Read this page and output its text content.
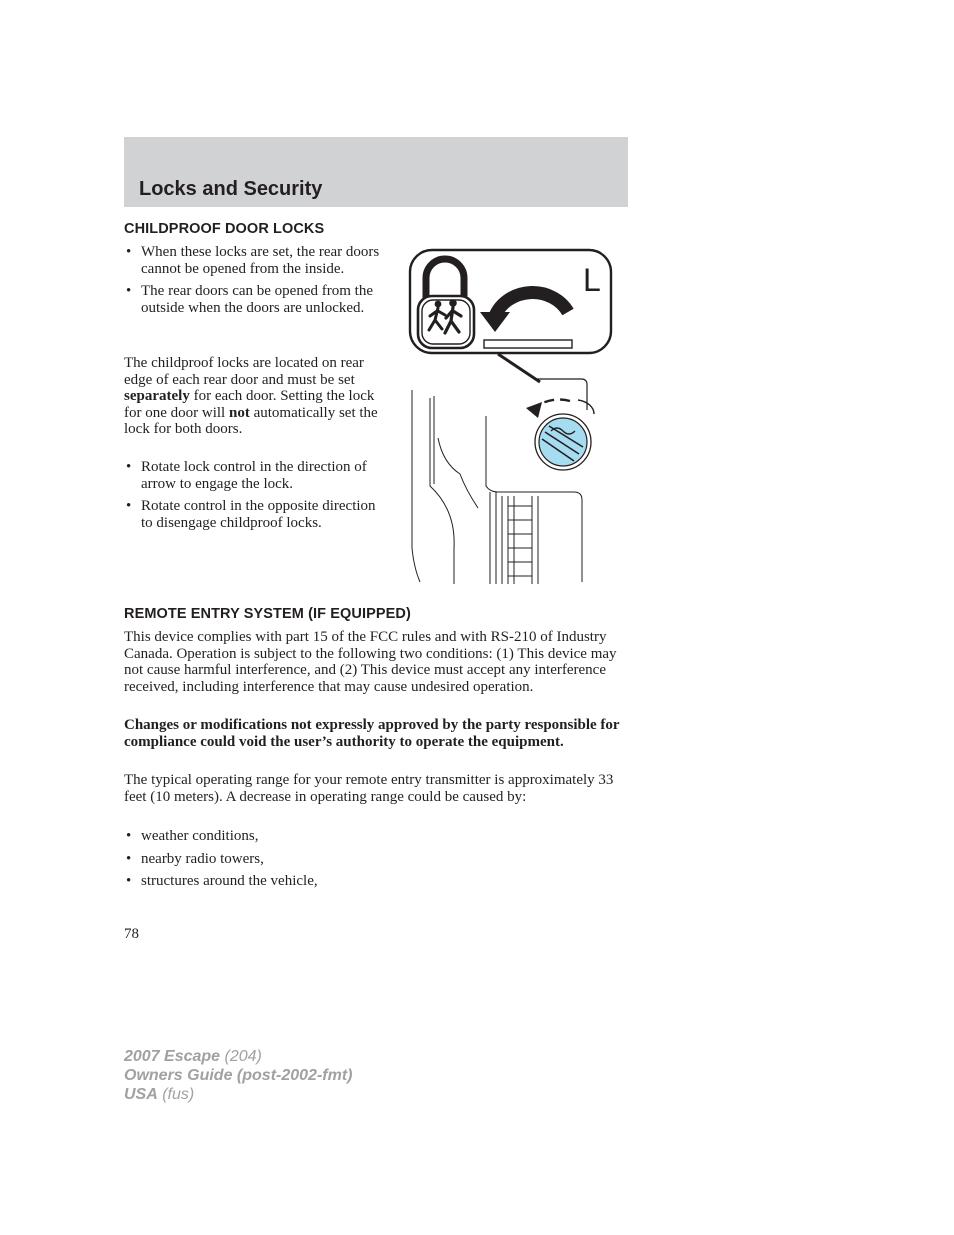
Locks and Security
CHILDPROOF DOOR LOCKS
• When these locks are set, the rear doors cannot be opened from the inside.
• The rear doors can be opened from the outside when the doors are unlocked.

The childproof locks are located on rear edge of each rear door and must be set separately for each door. Setting the lock for one door will not automatically set the lock for both doors.

• Rotate lock control in the direction of arrow to engage the lock.
• Rotate control in the opposite direction to disengage childproof locks.
L
REMOTE ENTRY SYSTEM (IF EQUIPPED)

This device complies with part 15 of the FCC rules and with RS-210 of Industry Canada. Operation is subject to the following two conditions: (1) This device may not cause harmful interference, and (2) This device must accept any interference received, including interference that may cause undesired operation.

Changes or modifications not expressly approved by the party responsible for compliance could void the user’s authority to operate the equipment.

The typical operating range for your remote entry transmitter is approximately 33 feet (10 meters). A decrease in operating range could be caused by:

• weather conditions,
• nearby radio towers,
• structures around the vehicle,
78
2007 Escape (204)
Owners Guide (post-2002-fmt)
USA (fus)
